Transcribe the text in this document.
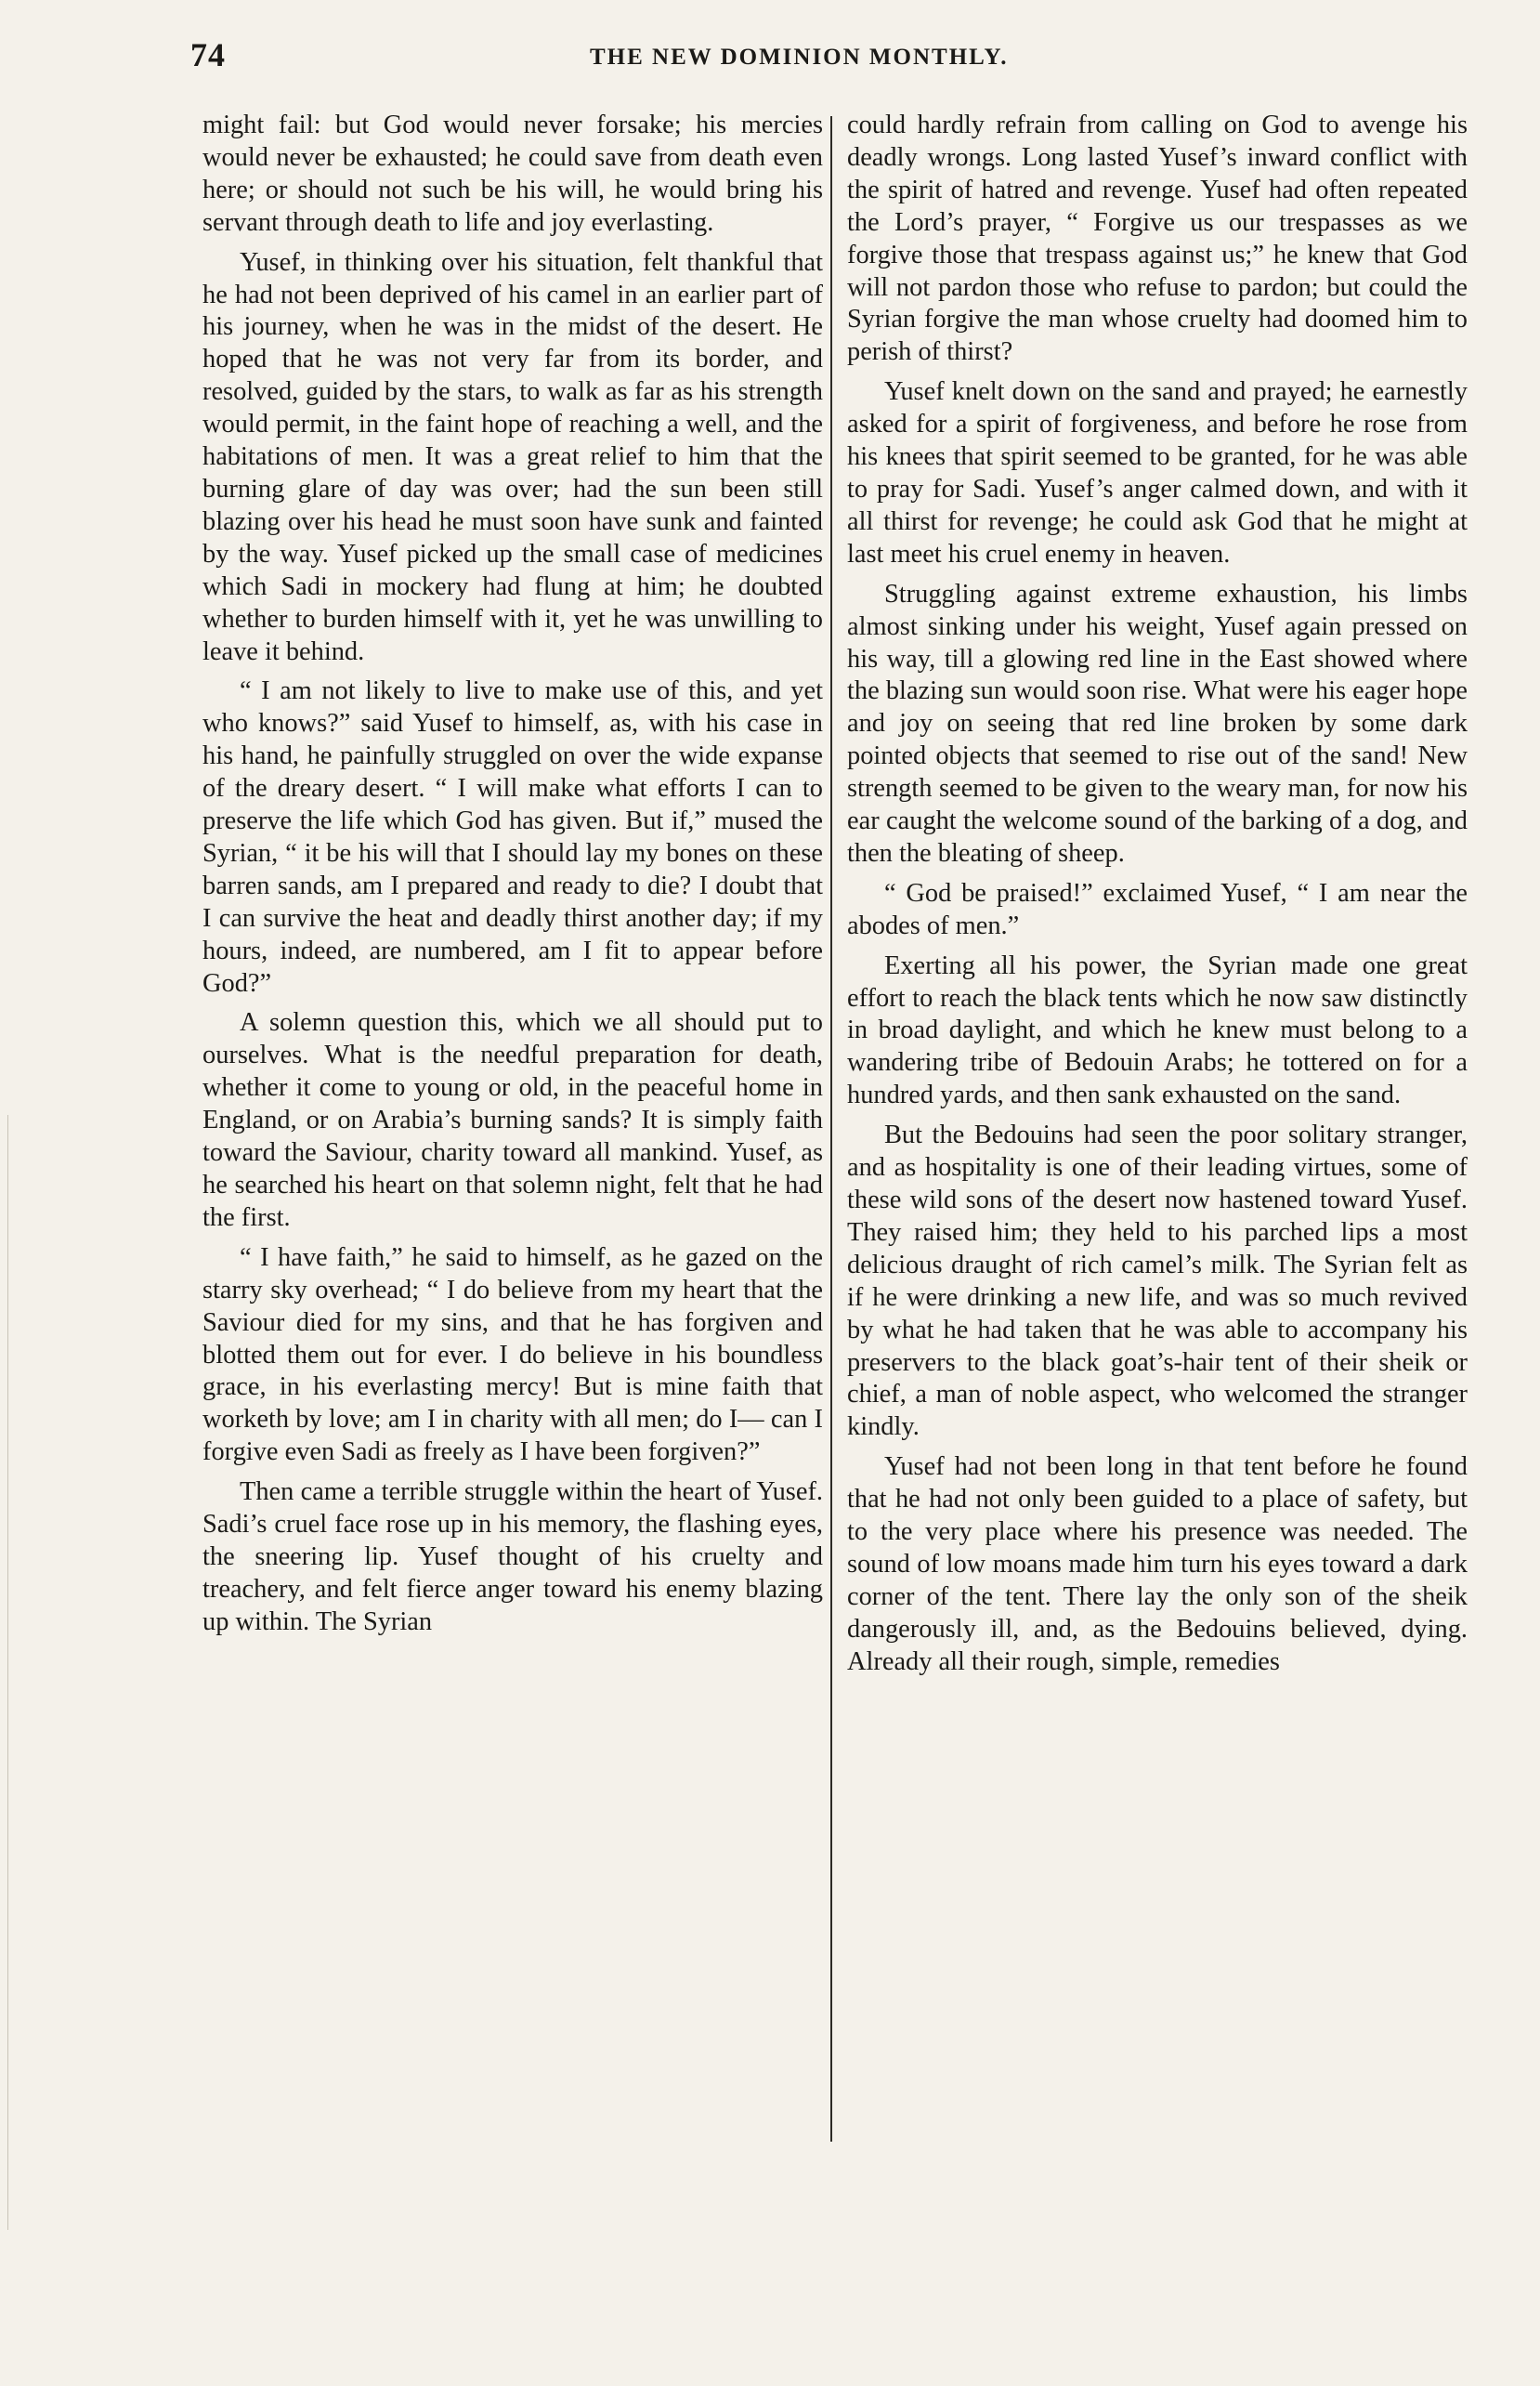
74	THE NEW DOMINION MONTHLY.

might fail: but God would never forsake; his mercies would never be exhausted; he could save from death even here; or should not such be his will, he would bring his servant through death to life and joy everlasting.

Yusef, in thinking over his situation, felt thankful that he had not been deprived of his camel in an earlier part of his journey, when he was in the midst of the desert. He hoped that he was not very far from its border, and resolved, guided by the stars, to walk as far as his strength would permit, in the faint hope of reaching a well, and the habitations of men. It was a great relief to him that the burning glare of day was over; had the sun been still blazing over his head he must soon have sunk and fainted by the way. Yusef picked up the small case of medicines which Sadi in mockery had flung at him; he doubted whether to burden himself with it, yet he was unwilling to leave it behind.

“ I am not likely to live to make use of this, and yet who knows?” said Yusef to himself, as, with his case in his hand, he painfully struggled on over the wide expanse of the dreary desert. “ I will make what efforts I can to preserve the life which God has given. But if,” mused the Syrian, “ it be his will that I should lay my bones on these barren sands, am I prepared and ready to die? I doubt that I can survive the heat and deadly thirst another day; if my hours, indeed, are numbered, am I fit to appear before God?”

A solemn question this, which we all should put to ourselves. What is the needful preparation for death, whether it come to young or old, in the peaceful home in England, or on Arabia’s burning sands? It is simply faith toward the Saviour, charity toward all mankind. Yusef, as he searched his heart on that solemn night, felt that he had the first.

“ I have faith,” he said to himself, as he gazed on the starry sky overhead; “ I do believe from my heart that the Saviour died for my sins, and that he has forgiven and blotted them out for ever. I do believe in his boundless grace, in his everlasting mercy! But is mine faith that worketh by love; am I in charity with all men; do I— can I forgive even Sadi as freely as I have been forgiven?”

Then came a terrible struggle within the heart of Yusef. Sadi’s cruel face rose up in his memory, the flashing eyes, the sneering lip. Yusef thought of his cruelty and treachery, and felt fierce anger toward his enemy blazing up within. The Syrian

could hardly refrain from calling on God to avenge his deadly wrongs. Long lasted Yusef’s inward conflict with the spirit of hatred and revenge. Yusef had often repeated the Lord’s prayer, “ Forgive us our trespasses as we forgive those that trespass against us;” he knew that God will not pardon those who refuse to pardon; but could the Syrian forgive the man whose cruelty had doomed him to perish of thirst?

Yusef knelt down on the sand and prayed; he earnestly asked for a spirit of forgiveness, and before he rose from his knees that spirit seemed to be granted, for he was able to pray for Sadi. Yusef’s anger calmed down, and with it all thirst for revenge; he could ask God that he might at last meet his cruel enemy in heaven.

Struggling against extreme exhaustion, his limbs almost sinking under his weight, Yusef again pressed on his way, till a glowing red line in the East showed where the blazing sun would soon rise. What were his eager hope and joy on seeing that red line broken by some dark pointed objects that seemed to rise out of the sand! New strength seemed to be given to the weary man, for now his ear caught the welcome sound of the barking of a dog, and then the bleating of sheep.

“ God be praised!” exclaimed Yusef, “ I am near the abodes of men.”

Exerting all his power, the Syrian made one great effort to reach the black tents which he now saw distinctly in broad daylight, and which he knew must belong to a wandering tribe of Bedouin Arabs; he tottered on for a hundred yards, and then sank exhausted on the sand.

But the Bedouins had seen the poor solitary stranger, and as hospitality is one of their leading virtues, some of these wild sons of the desert now hastened toward Yusef. They raised him; they held to his parched lips a most delicious draught of rich camel’s milk. The Syrian felt as if he were drinking a new life, and was so much revived by what he had taken that he was able to accompany his preservers to the black goat’s-hair tent of their sheik or chief, a man of noble aspect, who welcomed the stranger kindly.

Yusef had not been long in that tent before he found that he had not only been guided to a place of safety, but to the very place where his presence was needed. The sound of low moans made him turn his eyes toward a dark corner of the tent. There lay the only son of the sheik dangerously ill, and, as the Bedouins believed, dying. Already all their rough, simple, remedies
